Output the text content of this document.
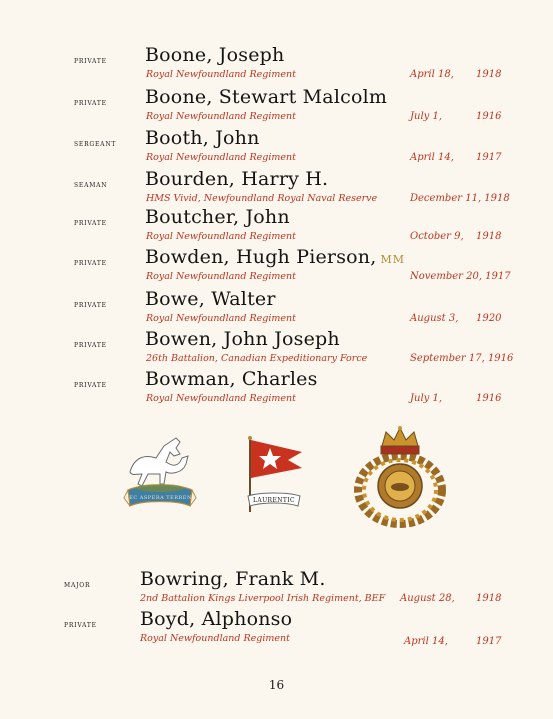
private Boone, Joseph
Royal Newfoundland Regiment	April 18, 1918
private Boone, Stewart Malcolm
Royal Newfoundland Regiment	July 1,	1916
sergeant Booth, John
Royal Newfoundland Regiment	April 14, 1917
seaman Bourden, Harry H.
HMS Vivid, Newfoundland Royal Naval Reserve	December 11, 1918
private Boutcher, John
Royal Newfoundland Regiment	October 9, 1918
private Bowden, Hugh Pierson, MM
Royal Newfoundland Regiment	November 20, 1917
private Bowe, Walter
Royal Newfoundland Regiment	August 3, 1920
private Bowen, John Joseph
26th Battalion, Canadian Expeditionary Force	September 17, 1916
private Bowman, Charles
Royal Newfoundland Regiment	July 1,	1916
NEC ASPERA TERRENT	LAURENTIC
major	Bowring, Frank M.
2nd Battalion Kings Liverpool Irish Regiment, BEF August 28, 1918
private Boyd, Alphonso
Royal Newfoundland Regiment	April 14,	1917
16
